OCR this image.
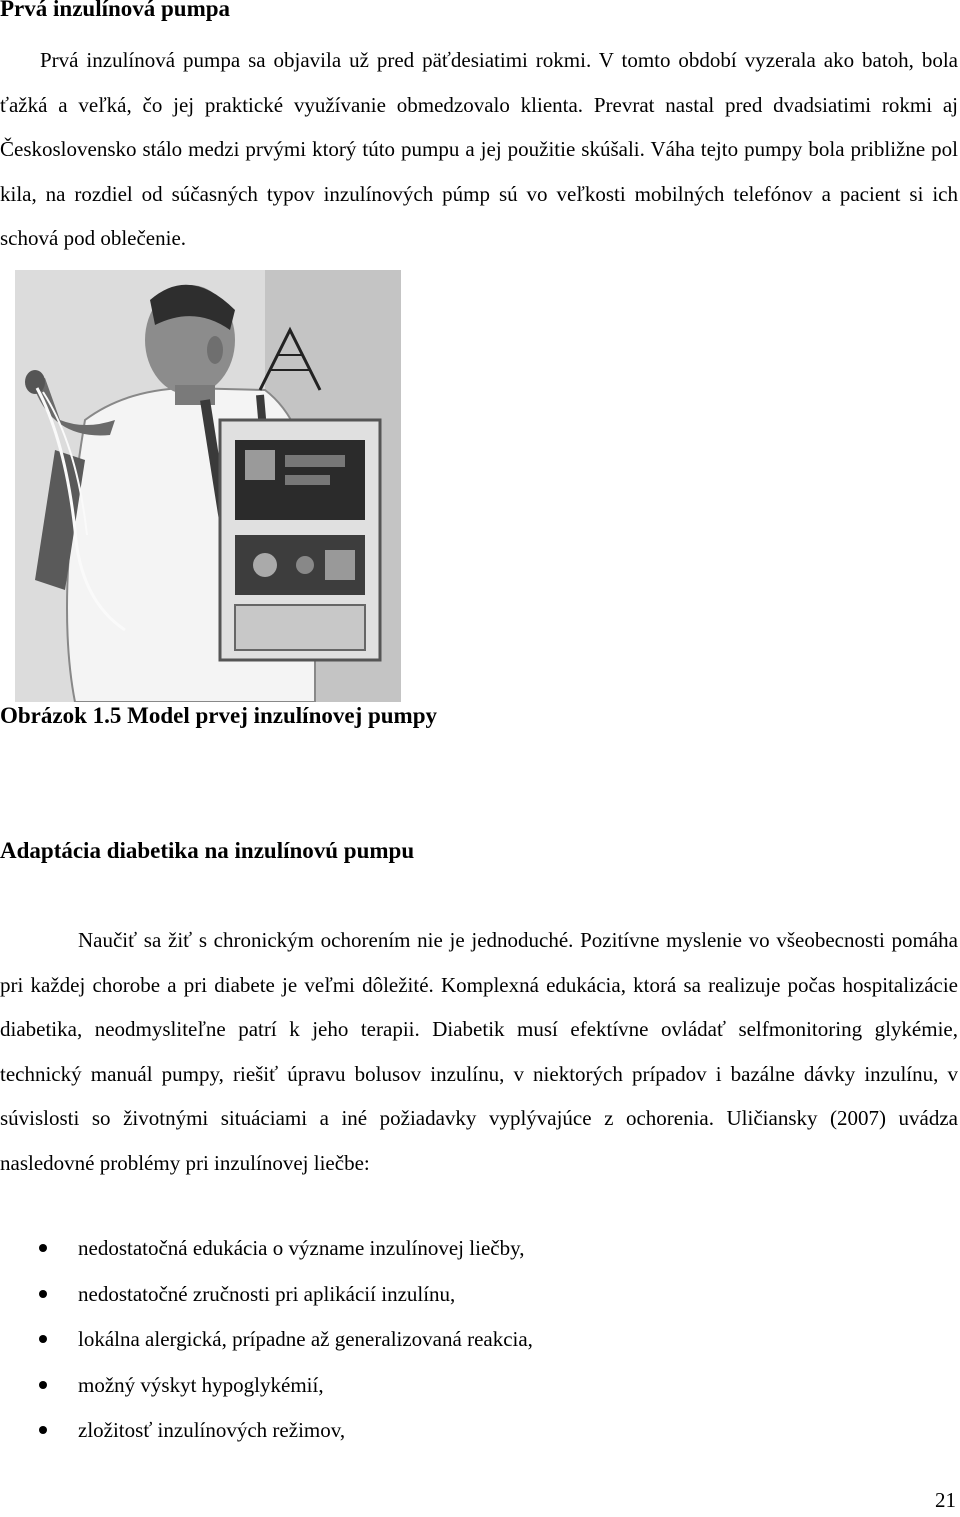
Prvá inzulínová pumpa

Prvá inzulínová pumpa sa objavila už pred päťdesiatimi rokmi. V tomto období vyzerala ako batoh, bola ťažká a veľká, čo jej praktické využívanie obmedzovalo klienta. Prevrat nastal pred dvadsiatimi rokmi aj Československo stálo medzi prvými ktorý túto pumpu a jej použitie skúšali. Váha tejto pumpy bola približne pol kila, na rozdiel od súčasných typov inzulínových púmp sú vo veľkosti mobilných telefónov a pacient si ich schová pod oblečenie.

Obrázok 1.5 Model prvej inzulínovej pumpy

Adaptácia diabetika na inzulínovú pumpu

Naučiť sa žiť s chronickým ochorením nie je jednoduché. Pozitívne myslenie vo všeobecnosti pomáha pri každej chorobe a pri diabete je veľmi dôležité. Komplexná edukácia, ktorá sa realizuje počas hospitalizácie diabetika, neodmysliteľne patrí k jeho terapii. Diabetik musí efektívne ovládať selfmonitoring glykémie, technický manuál pumpy, riešiť úpravu bolusov inzulínu, v niektorých prípadov i bazálne dávky inzulínu, v súvislosti so životnými situáciami a iné požiadavky vyplývajúce z ochorenia. Uličiansky (2007) uvádza nasledovné problémy pri inzulínovej liečbe:

nedostatočná edukácia o význame inzulínovej liečby,
nedostatočné zručnosti pri aplikácií inzulínu,
lokálna alergická, prípadne až generalizovaná reakcia,
možný výskyt hypoglykémií,
zložitosť inzulínových režimov,

21
